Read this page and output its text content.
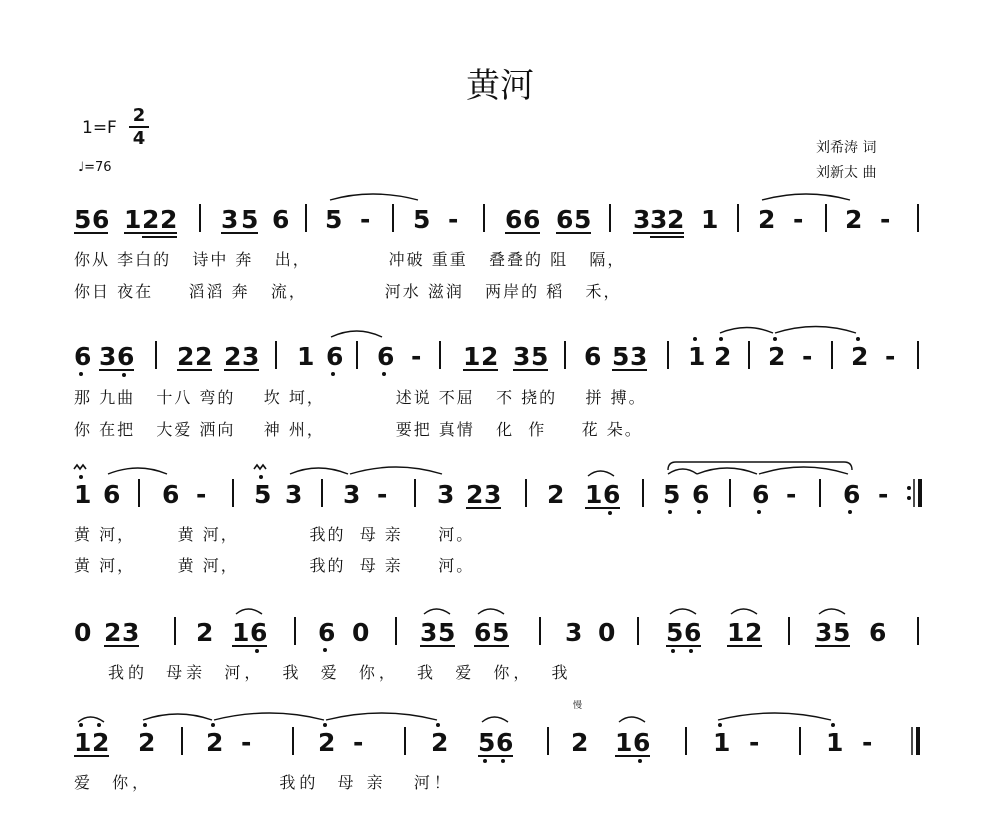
黄河
1=F
2
4
♩=76
刘希涛 词
刘新太 曲
5 6 1 2 2 3 5 6 5 - 5 - 6 6 6 5 3 3 2 1 2 - 2 -
6 3 6 2 2 2 3 1 6 6 - 1 2 3 5 6 5 3 1 2 2 - 2 -
1 6 6 - 5 3 3 - 3 2 3 2 1 6 5 6 6 - 6 -
0 2 3 2 1 6 6 0 3 5 6 5 3 0 5 6 1 2 3 5 6
1 2 2 2 -	2 -	2 5 6
慢
2 1 6	1 -	1 -
你从 李白的   诗中 奔   出，           冲破 重重   叠叠的 阻   隔，
你日 夜在     滔滔 奔   流，           河水 滋润   两岸的 稻   禾，
那 九曲   十八 弯的    坎 坷，          述说 不屈   不 挠的    拼 搏。
你 在把   大爱 洒向    神 州，          要把 真情   化  作     花 朵。
黄 河，      黄 河，          我的  母 亲     河。
黄 河，      黄 河，          我的  母 亲     河。
我的  母亲  河，  我  爱  你，  我  爱  你，  我
爱  你，              我的  母 亲   河！
